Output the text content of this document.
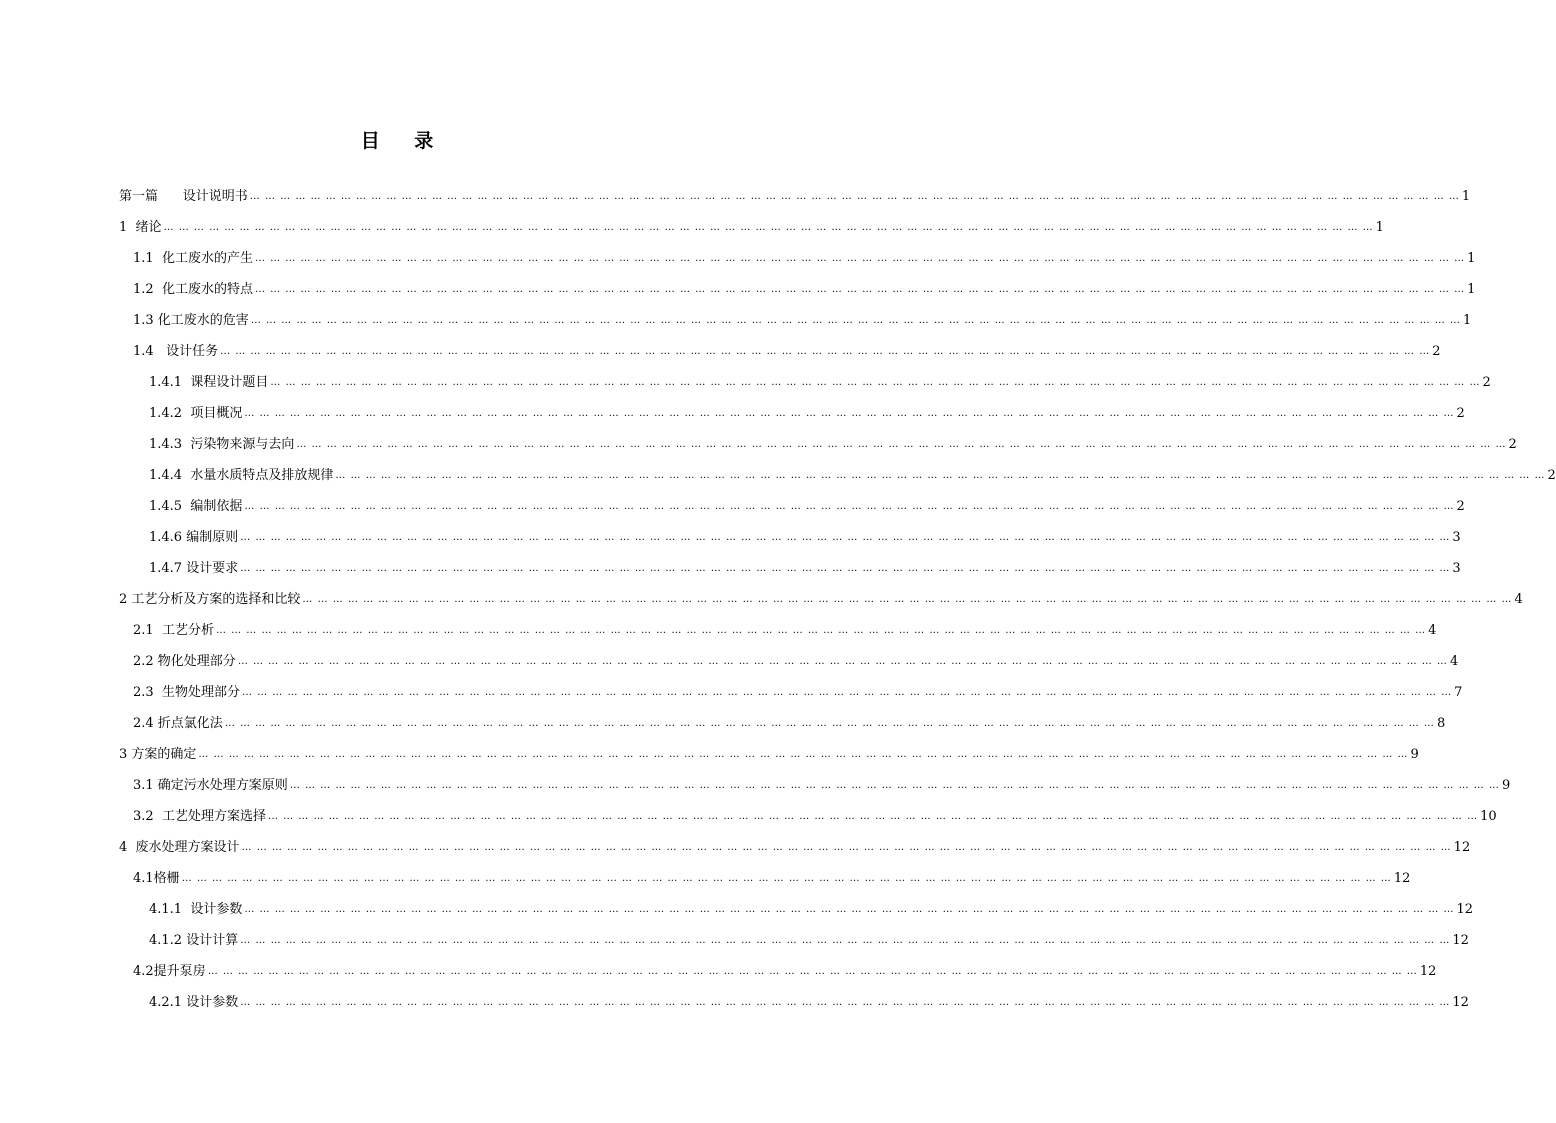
目 录
第一篇      设计说明书 … … … … … … … … … … … … … … … … … … … … … … … … … … … … … … … … … … … … … … … … … … … … … … … … … … … … … … … … … … … … … … … … … … … … … … … … … … … … … … … … 1
1  绪论 … … … … … … … … … … … … … … … … … … … … … … … … … … … … … … … … … … … … … … … … … … … … … … … … … … … … … … … … … … … … … … … … … … … … … … … … … … … … … … … … 1
1.1  化工废水的产生 … … … … … … … … … … … … … … … … … … … … … … … … … … … … … … … … … … … … … … … … … … … … … … … … … … … … … … … … … … … … … … … … … … … … … … … … … … … … … … … … 1
1.2  化工废水的特点 … … … … … … … … … … … … … … … … … … … … … … … … … … … … … … … … … … … … … … … … … … … … … … … … … … … … … … … … … … … … … … … … … … … … … … … … … … … … … … … … 1
1.3 化工废水的危害 … … … … … … … … … … … … … … … … … … … … … … … … … … … … … … … … … … … … … … … … … … … … … … … … … … … … … … … … … … … … … … … … … … … … … … … … … … … … … … … … 1
1.4   设计任务 … … … … … … … … … … … … … … … … … … … … … … … … … … … … … … … … … … … … … … … … … … … … … … … … … … … … … … … … … … … … … … … … … … … … … … … … … … … … … … … … 2
1.4.1  课程设计题目 … … … … … … … … … … … … … … … … … … … … … … … … … … … … … … … … … … … … … … … … … … … … … … … … … … … … … … … … … … … … … … … … … … … … … … … … … … … … … … … … 2
1.4.2  项目概况 … … … … … … … … … … … … … … … … … … … … … … … … … … … … … … … … … … … … … … … … … … … … … … … … … … … … … … … … … … … … … … … … … … … … … … … … … … … … … … … … 2
1.4.3  污染物来源与去向 … … … … … … … … … … … … … … … … … … … … … … … … … … … … … … … … … … … … … … … … … … … … … … … … … … … … … … … … … … … … … … … … … … … … … … … … … … … … … … … … 2
1.4.4  水量水质特点及排放规律 … … … … … … … … … … … … … … … … … … … … … … … … … … … … … … … … … … … … … … … … … … … … … … … … … … … … … … … … … … … … … … … … … … … … … … … … … … … … … … … … 2
1.4.5  编制依据 … … … … … … … … … … … … … … … … … … … … … … … … … … … … … … … … … … … … … … … … … … … … … … … … … … … … … … … … … … … … … … … … … … … … … … … … … … … … … … … … 2
1.4.6 编制原则 … … … … … … … … … … … … … … … … … … … … … … … … … … … … … … … … … … … … … … … … … … … … … … … … … … … … … … … … … … … … … … … … … … … … … … … … … … … … … … … … 3
1.4.7 设计要求 … … … … … … … … … … … … … … … … … … … … … … … … … … … … … … … … … … … … … … … … … … … … … … … … … … … … … … … … … … … … … … … … … … … … … … … … … … … … … … … … 3
2 工艺分析及方案的选择和比较 … … … … … … … … … … … … … … … … … … … … … … … … … … … … … … … … … … … … … … … … … … … … … … … … … … … … … … … … … … … … … … … … … … … … … … … … … … … … … … … … 4
2.1  工艺分析 … … … … … … … … … … … … … … … … … … … … … … … … … … … … … … … … … … … … … … … … … … … … … … … … … … … … … … … … … … … … … … … … … … … … … … … … … … … … … … … … 4
2.2 物化处理部分 … … … … … … … … … … … … … … … … … … … … … … … … … … … … … … … … … … … … … … … … … … … … … … … … … … … … … … … … … … … … … … … … … … … … … … … … … … … … … … … … 4
2.3  生物处理部分 … … … … … … … … … … … … … … … … … … … … … … … … … … … … … … … … … … … … … … … … … … … … … … … … … … … … … … … … … … … … … … … … … … … … … … … … … … … … … … … … 7
2.4 折点氯化法 … … … … … … … … … … … … … … … … … … … … … … … … … … … … … … … … … … … … … … … … … … … … … … … … … … … … … … … … … … … … … … … … … … … … … … … … … … … … … … … … 8
3 方案的确定 … … … … … … … … … … … … … … … … … … … … … … … … … … … … … … … … … … … … … … … … … … … … … … … … … … … … … … … … … … … … … … … … … … … … … … … … … … … … … … … … 9
3.1 确定污水处理方案原则 … … … … … … … … … … … … … … … … … … … … … … … … … … … … … … … … … … … … … … … … … … … … … … … … … … … … … … … … … … … … … … … … … … … … … … … … … … … … … … … … 9
3.2  工艺处理方案选择 … … … … … … … … … … … … … … … … … … … … … … … … … … … … … … … … … … … … … … … … … … … … … … … … … … … … … … … … … … … … … … … … … … … … … … … … … … … … … … … … 10
4  废水处理方案设计 … … … … … … … … … … … … … … … … … … … … … … … … … … … … … … … … … … … … … … … … … … … … … … … … … … … … … … … … … … … … … … … … … … … … … … … … … … … … … … … … 12
4.1格栅 … … … … … … … … … … … … … … … … … … … … … … … … … … … … … … … … … … … … … … … … … … … … … … … … … … … … … … … … … … … … … … … … … … … … … … … … … … … … … … … … 12
4.1.1  设计参数 … … … … … … … … … … … … … … … … … … … … … … … … … … … … … … … … … … … … … … … … … … … … … … … … … … … … … … … … … … … … … … … … … … … … … … … … … … … … … … … … 12
4.1.2 设计计算 … … … … … … … … … … … … … … … … … … … … … … … … … … … … … … … … … … … … … … … … … … … … … … … … … … … … … … … … … … … … … … … … … … … … … … … … … … … … … … … … 12
4.2提升泵房 … … … … … … … … … … … … … … … … … … … … … … … … … … … … … … … … … … … … … … … … … … … … … … … … … … … … … … … … … … … … … … … … … … … … … … … … … … … … … … … … 12
4.2.1 设计参数 … … … … … … … … … … … … … … … … … … … … … … … … … … … … … … … … … … … … … … … … … … … … … … … … … … … … … … … … … … … … … … … … … … … … … … … … … … … … … … … … 12
